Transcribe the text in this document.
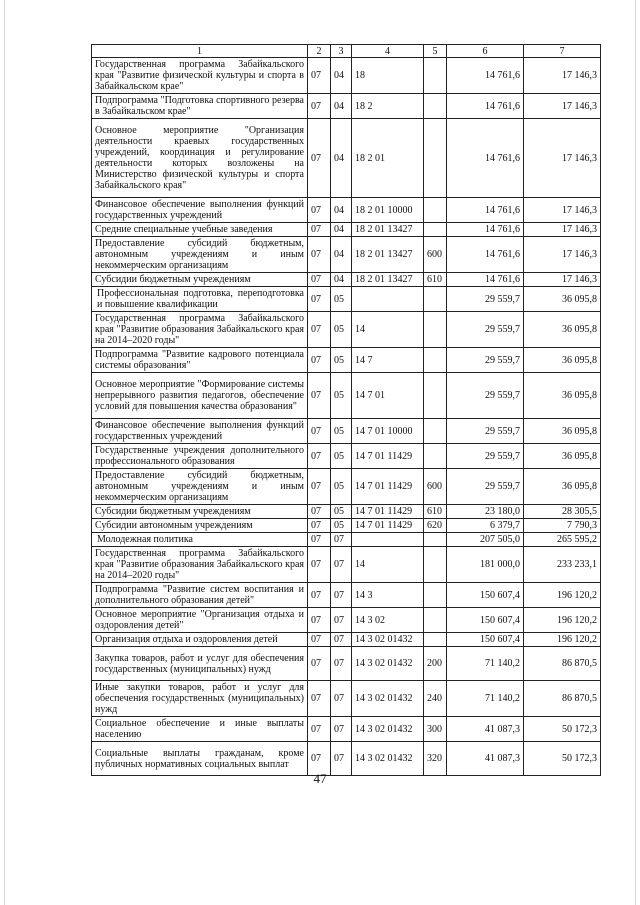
1	2	3	4	5	6	7
Государственная программа Забайкальского края "Развитие физической культуры и спорта в Забайкальском крае"	07	04	18		14 761,6	17 146,3
Подпрограмма "Подготовка спортивного резерва в Забайкальском крае"	07	04	18 2		14 761,6	17 146,3
Основное мероприятие "Организация деятельности краевых государственных учреждений, координация и регулирование деятельности которых возложены на Министерство физической культуры и спорта Забайкальского края"	07	04	18 2 01		14 761,6	17 146,3
Финансовое обеспечение выполнения функций государственных учреждений	07	04	18 2 01 10000		14 761,6	17 146,3
Средние специальные учебные заведения	07	04	18 2 01 13427		14 761,6	17 146,3
Предоставление субсидий бюджетным, автономным учреждениям и иным некоммерческим организациям	07	04	18 2 01 13427	600	14 761,6	17 146,3
Субсидии бюджетным учреждениям	07	04	18 2 01 13427	610	14 761,6	17 146,3
Профессиональная подготовка, переподготовка и повышение квалификации	07	05			29 559,7	36 095,8
Государственная программа Забайкальского края "Развитие образования Забайкальского края на 2014–2020 годы"	07	05	14		29 559,7	36 095,8
Подпрограмма "Развитие кадрового потенциала системы образования"	07	05	14 7		29 559,7	36 095,8
Основное мероприятие "Формирование системы непрерывного развития педагогов, обеспечение условий для повышения качества образования"	07	05	14 7 01		29 559,7	36 095,8
Финансовое обеспечение выполнения функций государственных учреждений	07	05	14 7 01 10000		29 559,7	36 095,8
Государственные учреждения дополнительного профессионального образования	07	05	14 7 01 11429		29 559,7	36 095,8
Предоставление субсидий бюджетным, автономным учреждениям и иным некоммерческим организациям	07	05	14 7 01 11429	600	29 559,7	36 095,8
Субсидии бюджетным учреждениям	07	05	14 7 01 11429	610	23 180,0	28 305,5
Субсидии автономным учреждениям	07	05	14 7 01 11429	620	6 379,7	7 790,3
Молодежная политика	07	07			207 505,0	265 595,2
Государственная программа Забайкальского края "Развитие образования Забайкальского края на 2014–2020 годы"	07	07	14		181 000,0	233 233,1
Подпрограмма "Развитие систем воспитания и дополнительного образования детей"	07	07	14 3		150 607,4	196 120,2
Основное мероприятие "Организация отдыха и оздоровления детей"	07	07	14 3 02		150 607,4	196 120,2
Организация отдыха и оздоровления детей	07	07	14 3 02 01432		150 607,4	196 120,2
Закупка товаров, работ и услуг для обеспечения государственных (муниципальных) нужд	07	07	14 3 02 01432	200	71 140,2	86 870,5
Иные закупки товаров, работ и услуг для обеспечения государственных (муниципальных) нужд	07	07	14 3 02 01432	240	71 140,2	86 870,5
Социальное обеспечение и иные выплаты населению	07	07	14 3 02 01432	300	41 087,3	50 172,3
Социальные выплаты гражданам, кроме публичных нормативных социальных выплат	07	07	14 3 02 01432	320	41 087,3	50 172,3
47
